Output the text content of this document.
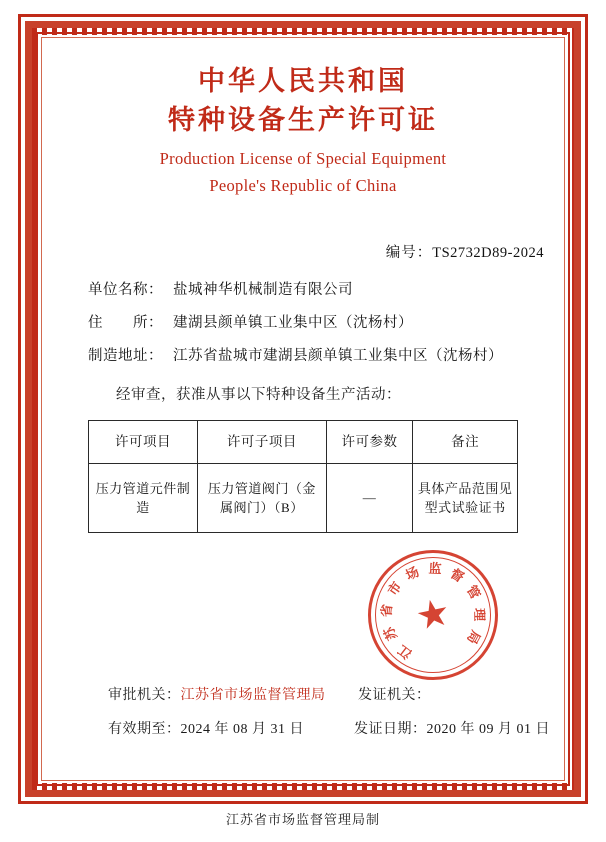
中华人民共和国
特种设备生产许可证
Production License of Special Equipment
People's Republic of China
编号：TS2732D89-2024
单位名称： 盐城神华机械制造有限公司
住　　所： 建湖县颜单镇工业集中区（沈杨村）
制造地址： 江苏省盐城市建湖县颜单镇工业集中区（沈杨村）
经审查，获准从事以下特种设备生产活动：
许可项目	许可子项目	许可参数	备注
压力管道元件制造	压力管道阀门（金属阀门）（B）	—	具体产品范围见型式试验证书
江
苏
省
市
场 监 督
管
理
局
★
审批机关：江苏省市场监督管理局	发证机关：
有效期至：2024 年 08 月 31 日	发证日期：2020 年 09 月 01 日
江苏省市场监督管理局制
